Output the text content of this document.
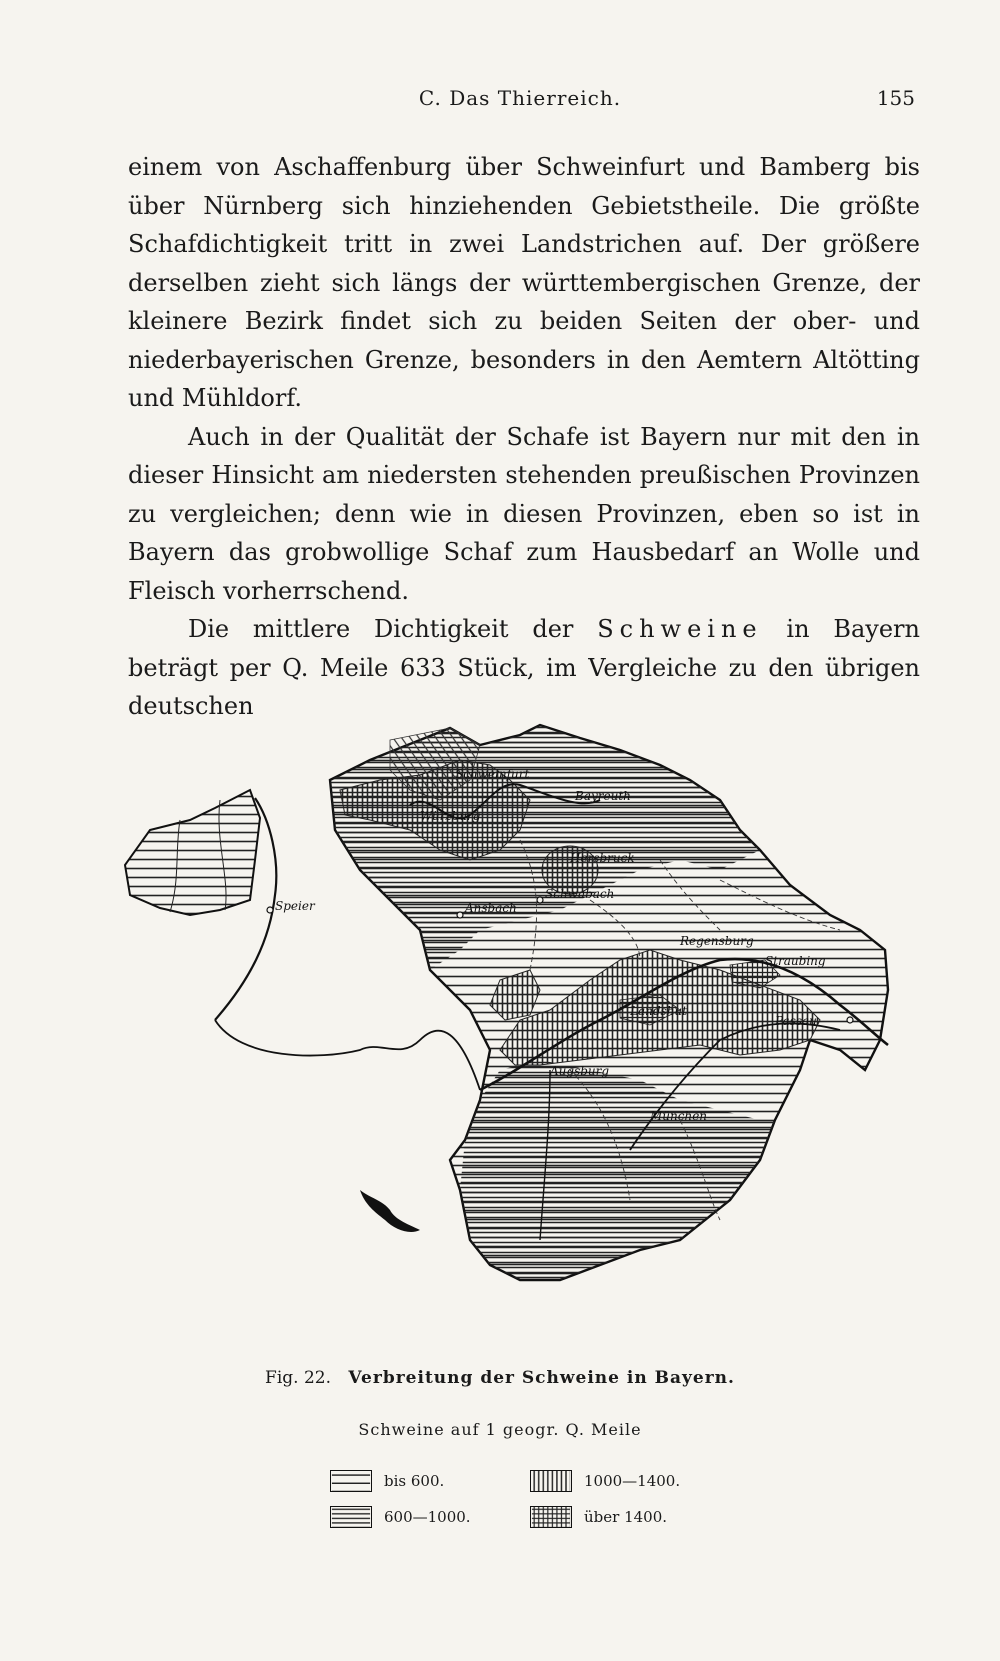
C. Das Thierreich.	155

einem von Aschaffenburg über Schweinfurt und Bamberg bis über Nürnberg sich hinziehenden Gebietstheile. Die größte Schafdichtigkeit tritt in zwei Landstrichen auf. Der größere derselben zieht sich längs der württembergischen Grenze, der kleinere Bezirk findet sich zu beiden Seiten der ober- und niederbayerischen Grenze, besonders in den Aemtern Altötting und Mühldorf.

Auch in der Qualität der Schafe ist Bayern nur mit den in dieser Hinsicht am niedersten stehenden preußischen Provinzen zu vergleichen; denn wie in diesen Provinzen, eben so ist in Bayern das grobwollige Schaf zum Hausbedarf an Wolle und Fleisch vorherrschend.

Die mittlere Dichtigkeit der Schweine in Bayern beträgt per Q. Meile 633 Stück, im Vergleiche zu den übrigen deutschen

Speier
Schweinfurt
Würzburg
Bayreuth
Hersbruck
Ansbach
Schwabach
Regensburg
Straubing
Landshut
Passau
Augsburg
München
Fig. 22. Verbreitung der Schweine in Bayern.
Schweine auf 1 geogr. Q. Meile
bis 600.	1000—1400.
600—1000.	über 1400.
